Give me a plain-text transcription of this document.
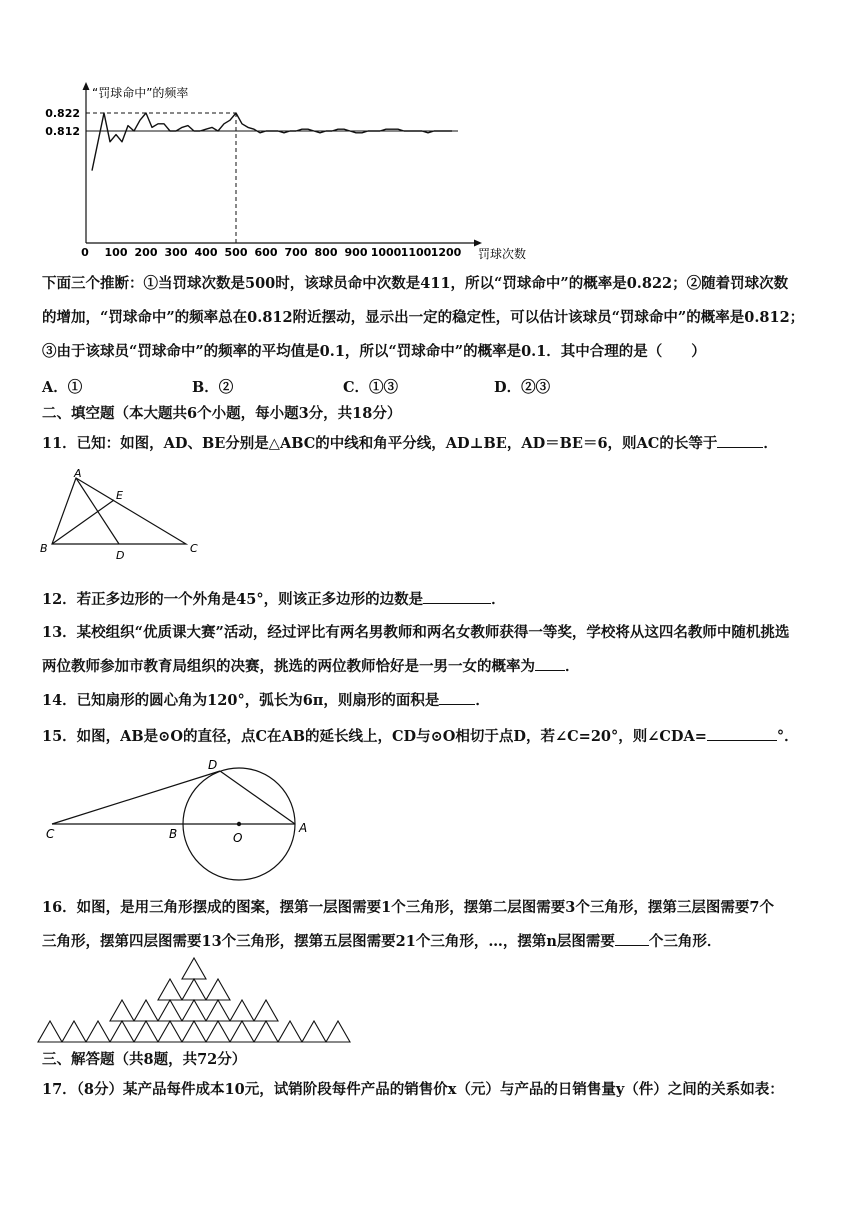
“罚球命中”的频率
罚球次数
0 100 200 300 400 500 600 700 800 900 1000 1100 1200
0.822
0.812
下面三个推断：①当罚球次数是500时，该球员命中次数是411，所以“罚球命中”的概率是0.822；②随着罚球次数
的增加，“罚球命中”的频率总在0.812附近摆动，显示出一定的稳定性，可以估计该球员“罚球命中”的概率是0.812；
③由于该球员“罚球命中”的频率的平均值是0.1，所以“罚球命中”的概率是0.1．其中合理的是（　　）
A．①	B．②	C．①③	D．②③
二、填空题（本大题共6个小题，每小题3分，共18分）
11．已知：如图，AD、BE分别是△ABC的中线和角平分线，AD⊥BE，AD＝BE＝6，则AC的长等于	．
A
E
B
D
C
12．若正多边形的一个外角是45°，则该正多边形的边数是	．
13．某校组织“优质课大赛”活动，经过评比有两名男教师和两名女教师获得一等奖，学校将从这四名教师中随机挑选
两位教师参加市教育局组织的决赛，挑选的两位教师恰好是一男一女的概率为 ．
14．已知扇形的圆心角为120°，弧长为6π，则扇形的面积是 ．
15．如图，AB是⊙O的直径，点C在AB的延长线上，CD与⊙O相切于点D，若∠C=20°，则∠CDA=	°．
D
C	B	O
A
16．如图，是用三角形摆成的图案，摆第一层图需要1个三角形，摆第二层图需要3个三角形，摆第三层图需要7个
三角形，摆第四层图需要13个三角形，摆第五层图需要21个三角形，…，摆第n层图需要 个三角形．
三、解答题（共8题，共72分）
17．（8分）某产品每件成本10元，试销阶段每件产品的销售价x（元）与产品的日销售量y（件）之间的关系如表：
